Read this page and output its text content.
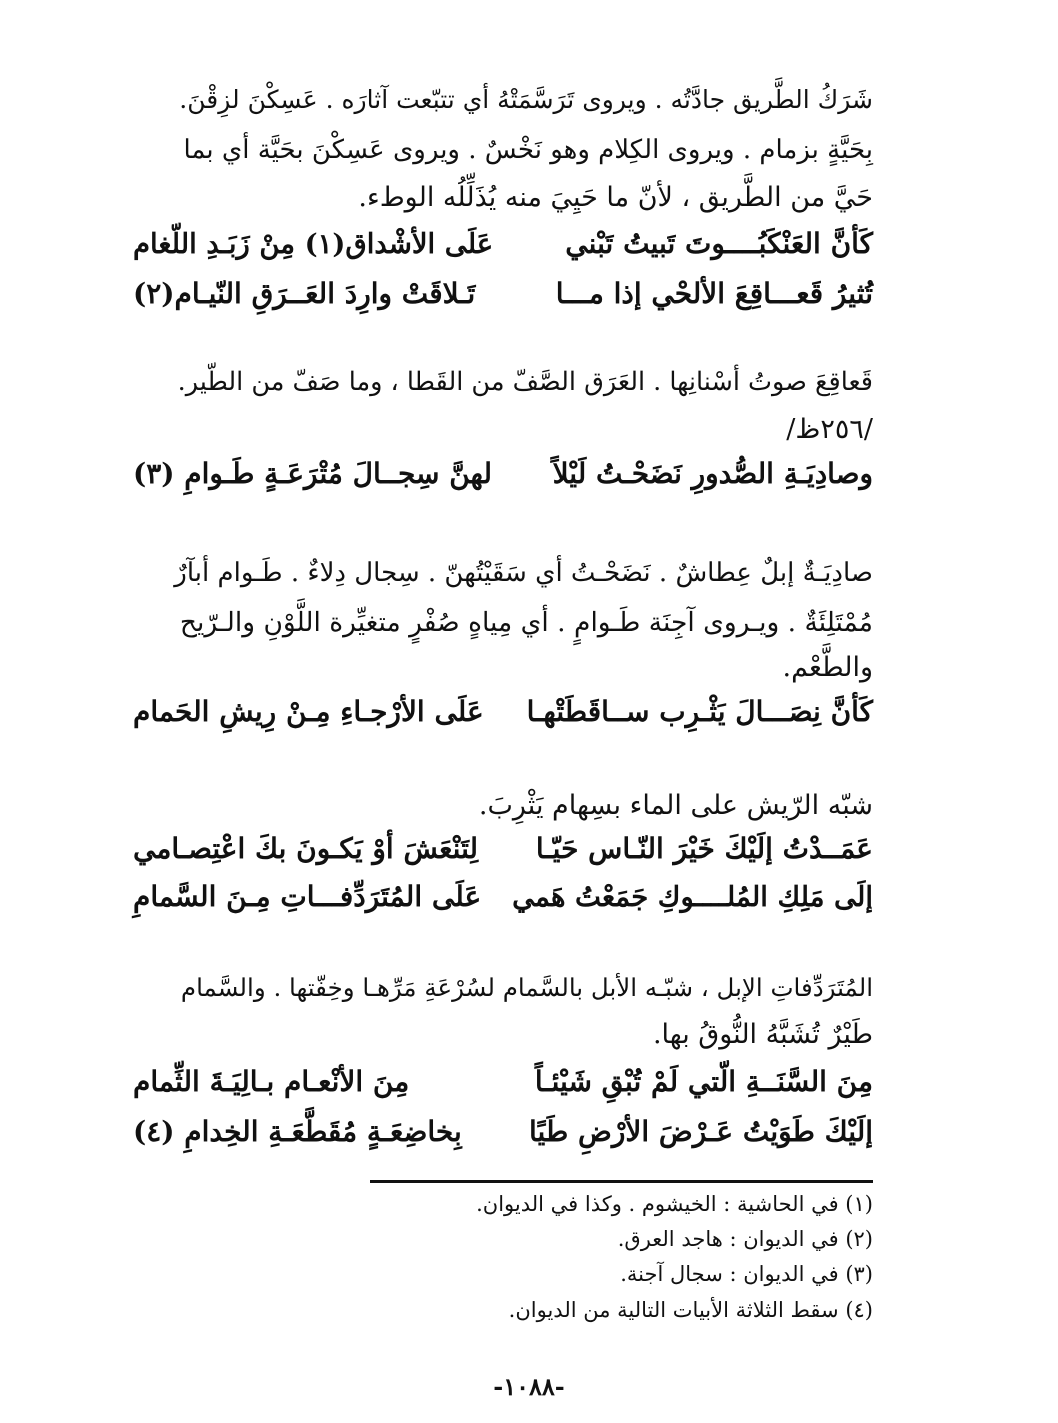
شَرَكُ الطَّريق جادَّتُه . ويروى تَرَسَّمَتْهُ أي تتبّعت آثارَه . عَسِكْنَ لزِقْنَ.
بِحَيَّةٍ بزمام . ويروى الكِلام وهو نَخْسٌ . ويروى عَسِكْنَ بحَيَّة أي بما
حَيَّ من الطَّريق ، لأنّ ما حَيِيَ منه يُذَلِّلُه الوطء.
كَأنَّ العَنْكَبُــــوتَ تَبيتُ تَبْني
عَلَى الأشْداق(١) مِنْ زَبَـدِ اللّغام
تُثيرُ قَعـــاقِعَ الألحْي إذا مـــا
تَـلاقَتْ وارِدَ العَــرَقِ النّيـام(٢)
قَعاقِعَ صوتُ أسْنانِها . العَرَق الصَّفّ من القَطا ، وما صَفّ من الطّير.
/٢٥٦ظ/
وصادِيَـةِ الصُّدورِ نَضَحْـتُ لَيْلاً
لهنَّ سِجــالَ مُتْرَعَـةٍ طَـوامِ (٣)
صادِيَـةٌ إبلٌ عِطاشٌ . نَضَحْـتُ أي سَقَيْتُهنّ . سِجال دِلاءٌ . طَـوام أبآرٌ
مُمْتَلِئَةٌ . ويـروى آجِنَة طَـوامٍ . أي مِياهٍ صُفْرٍ متغيِّرة اللَّوْنِ والـرّيح
والطَّعْم.
كَأنَّ نِصَـــالَ يَثْـرِب ســاقَطَتْهـا
عَلَى الأرْجـاءِ مِـنْ رِيشِ الحَمام
شبّه الرّيش على الماء بسِهام يَثْرِبَ.
عَمَــدْتُ إلَيْكَ خَيْرَ النّـاس حَيّـا
لِتَنْعَشَ أوْ يَكـونَ بكَ اعْتِصـامي
إلَى مَلِكِ المُلــــوكِ جَمَعْتُ هَمي
عَلَى المُتَرَدِّفـــاتِ مِـنَ السَّمامِ
المُتَرَدِّفاتِ الإبل ، شبّـه الأبل بالسَّمام لسُرْعَةِ مَرِّهـا وخِفّتها . والسَّمام
طَيْرٌ تُشَبَّهُ النُّوقُ بها.
مِنَ السَّنَــةِ الّتي لَمْ تُبْقِ شَيْئـاً
مِنَ الأنْعـام بـالِيَـةَ الثِّمام
إلَيْكَ طَوَيْتُ عَـرْضَ الأرْضِ طَيًا
بِخاضِعَـةٍ مُقَطَّعَـةِ الخِدامِ (٤)
(١) في الحاشية : الخيشوم . وكذا في الديوان.
(٢) في الديوان : هاجد العرق.
(٣) في الديوان : سجال آجنة.
(٤) سقط الثلاثة الأبيات التالية من الديوان.
-١٠٨٨-
